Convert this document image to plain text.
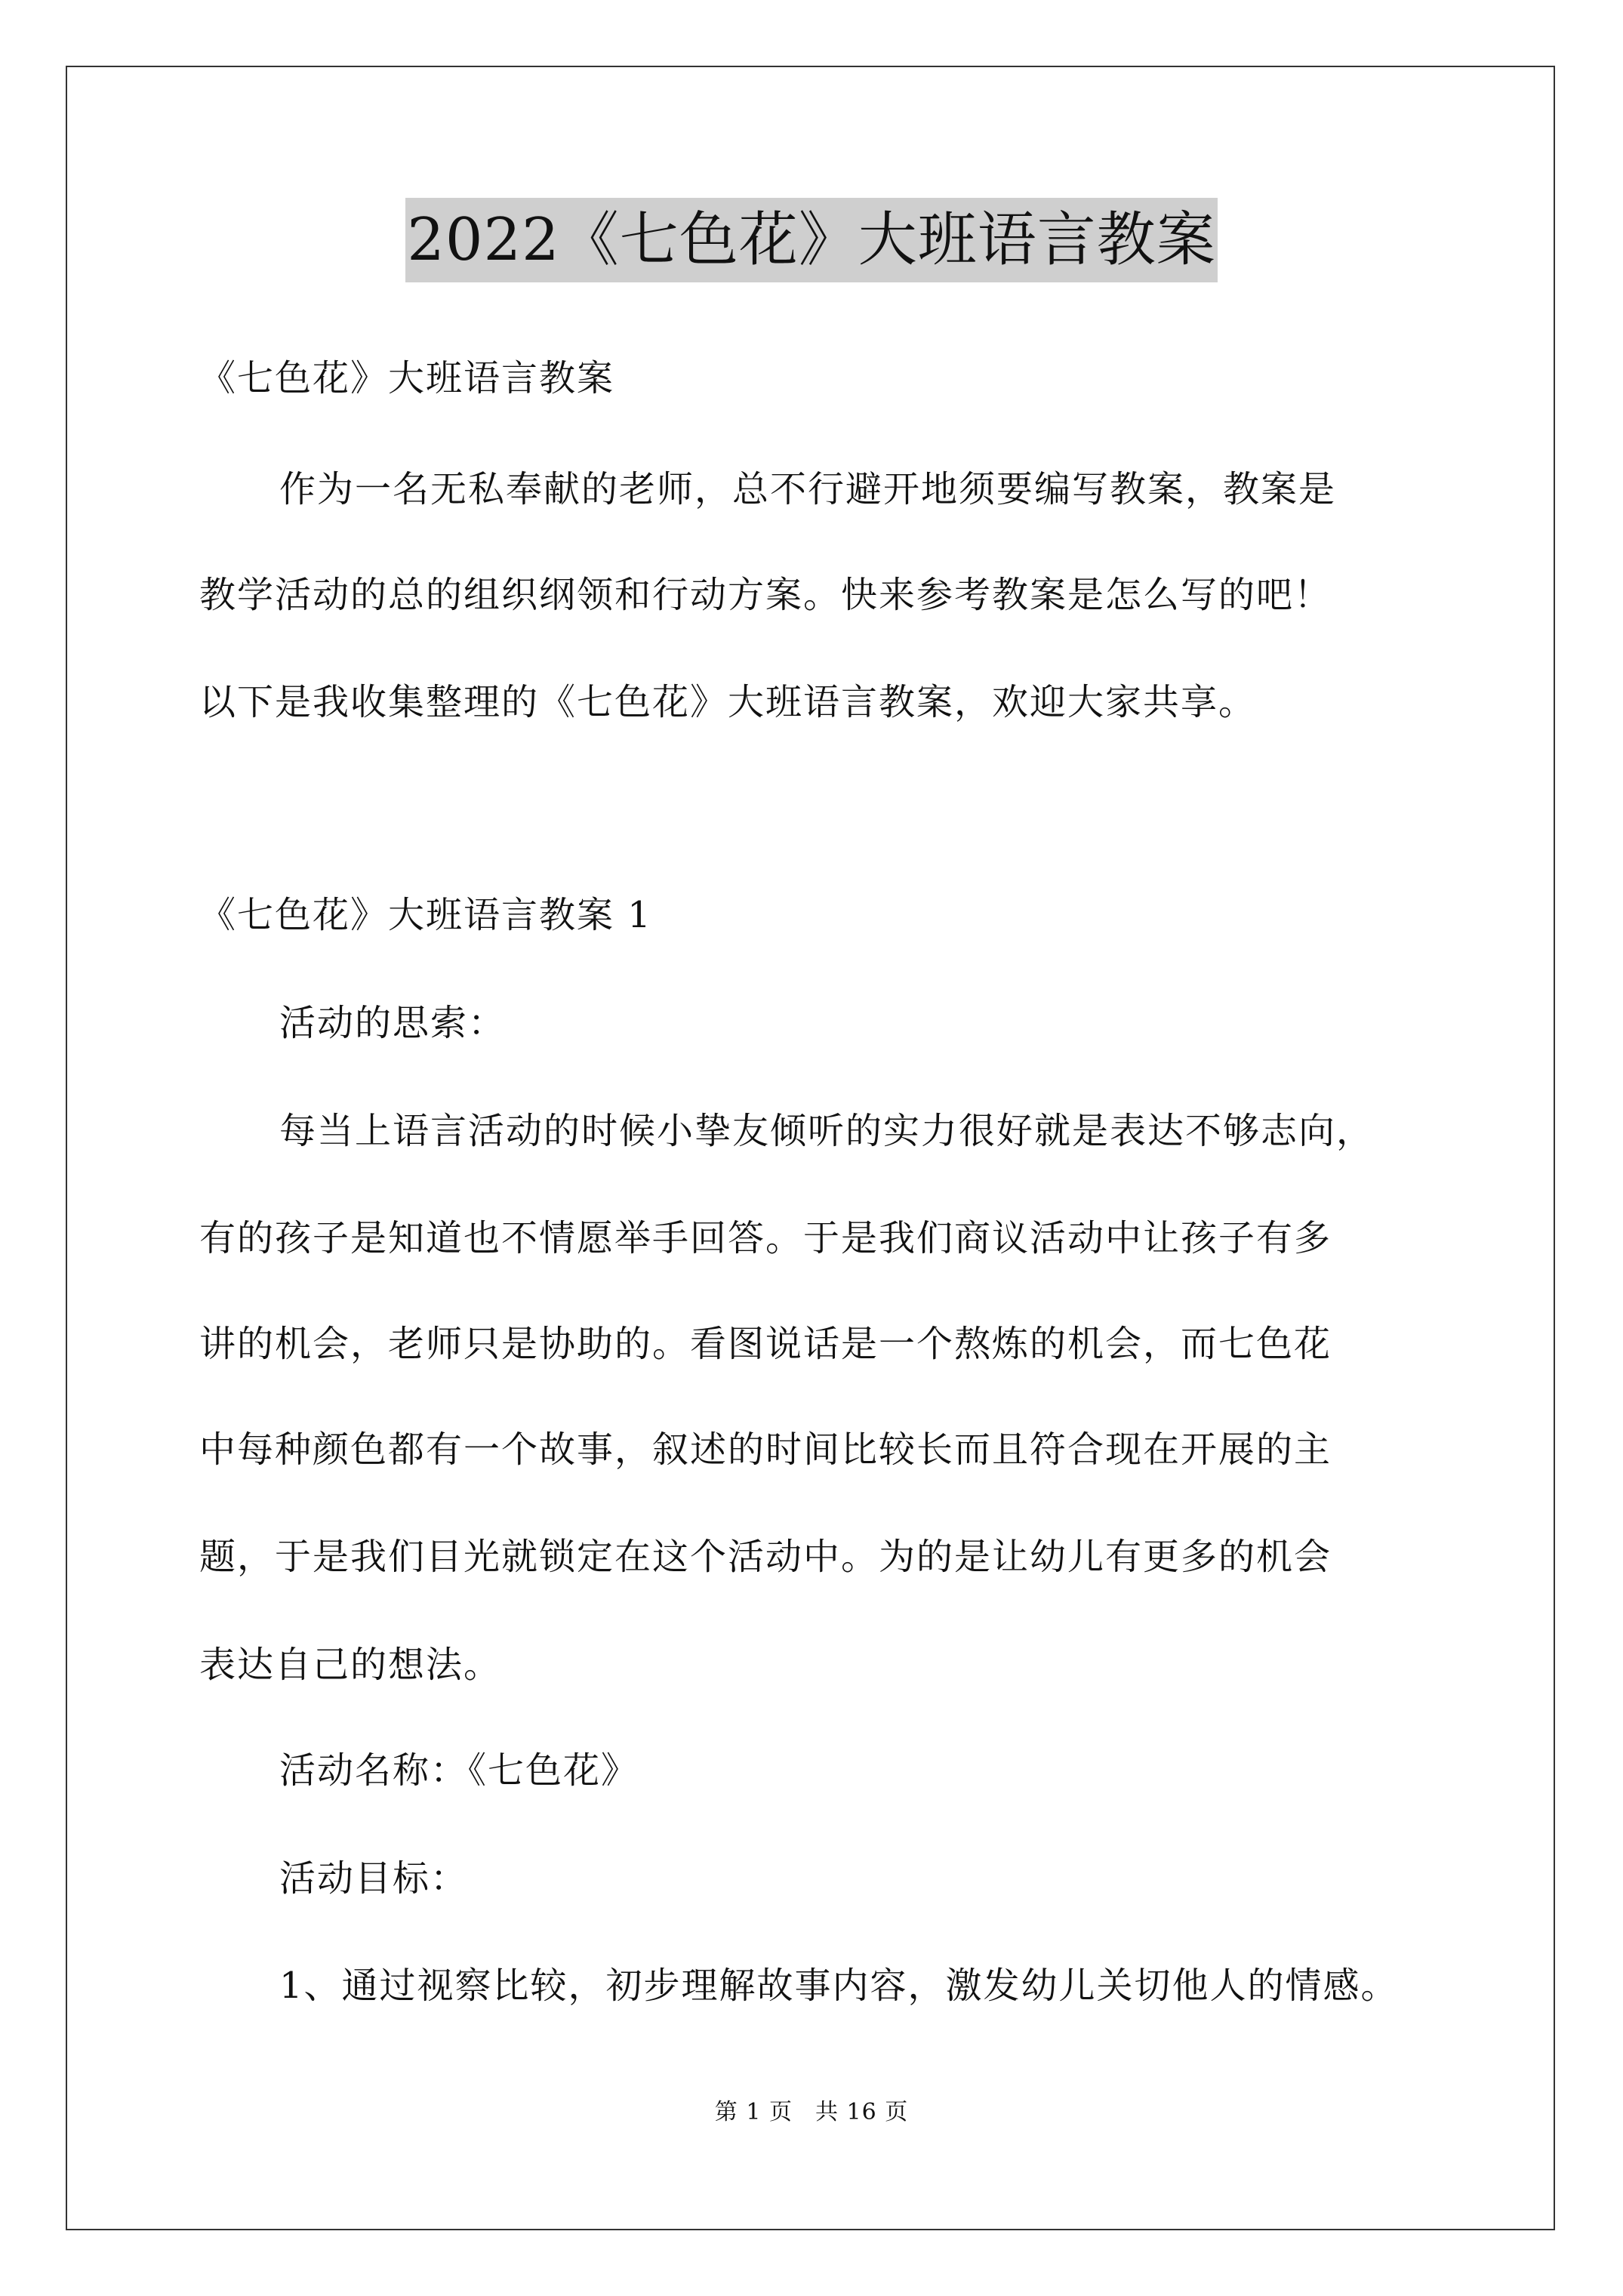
2022《七色花》大班语言教案
《七色花》大班语言教案
作为一名无私奉献的老师，总不行避开地须要编写教案，教案是
教学活动的总的组织纲领和行动方案。快来参考教案是怎么写的吧！
以下是我收集整理的《七色花》大班语言教案，欢迎大家共享。
《七色花》大班语言教案 1
活动的思索：
每当上语言活动的时候小挚友倾听的实力很好就是表达不够志向，
有的孩子是知道也不情愿举手回答。于是我们商议活动中让孩子有多
讲的机会，老师只是协助的。看图说话是一个熬炼的机会，而七色花
中每种颜色都有一个故事，叙述的时间比较长而且符合现在开展的主
题，于是我们目光就锁定在这个活动中。为的是让幼儿有更多的机会
表达自己的想法。
活动名称：《七色花》
活动目标：
1、通过视察比较，初步理解故事内容，激发幼儿关切他人的情感。
第 1 页 共 16 页
